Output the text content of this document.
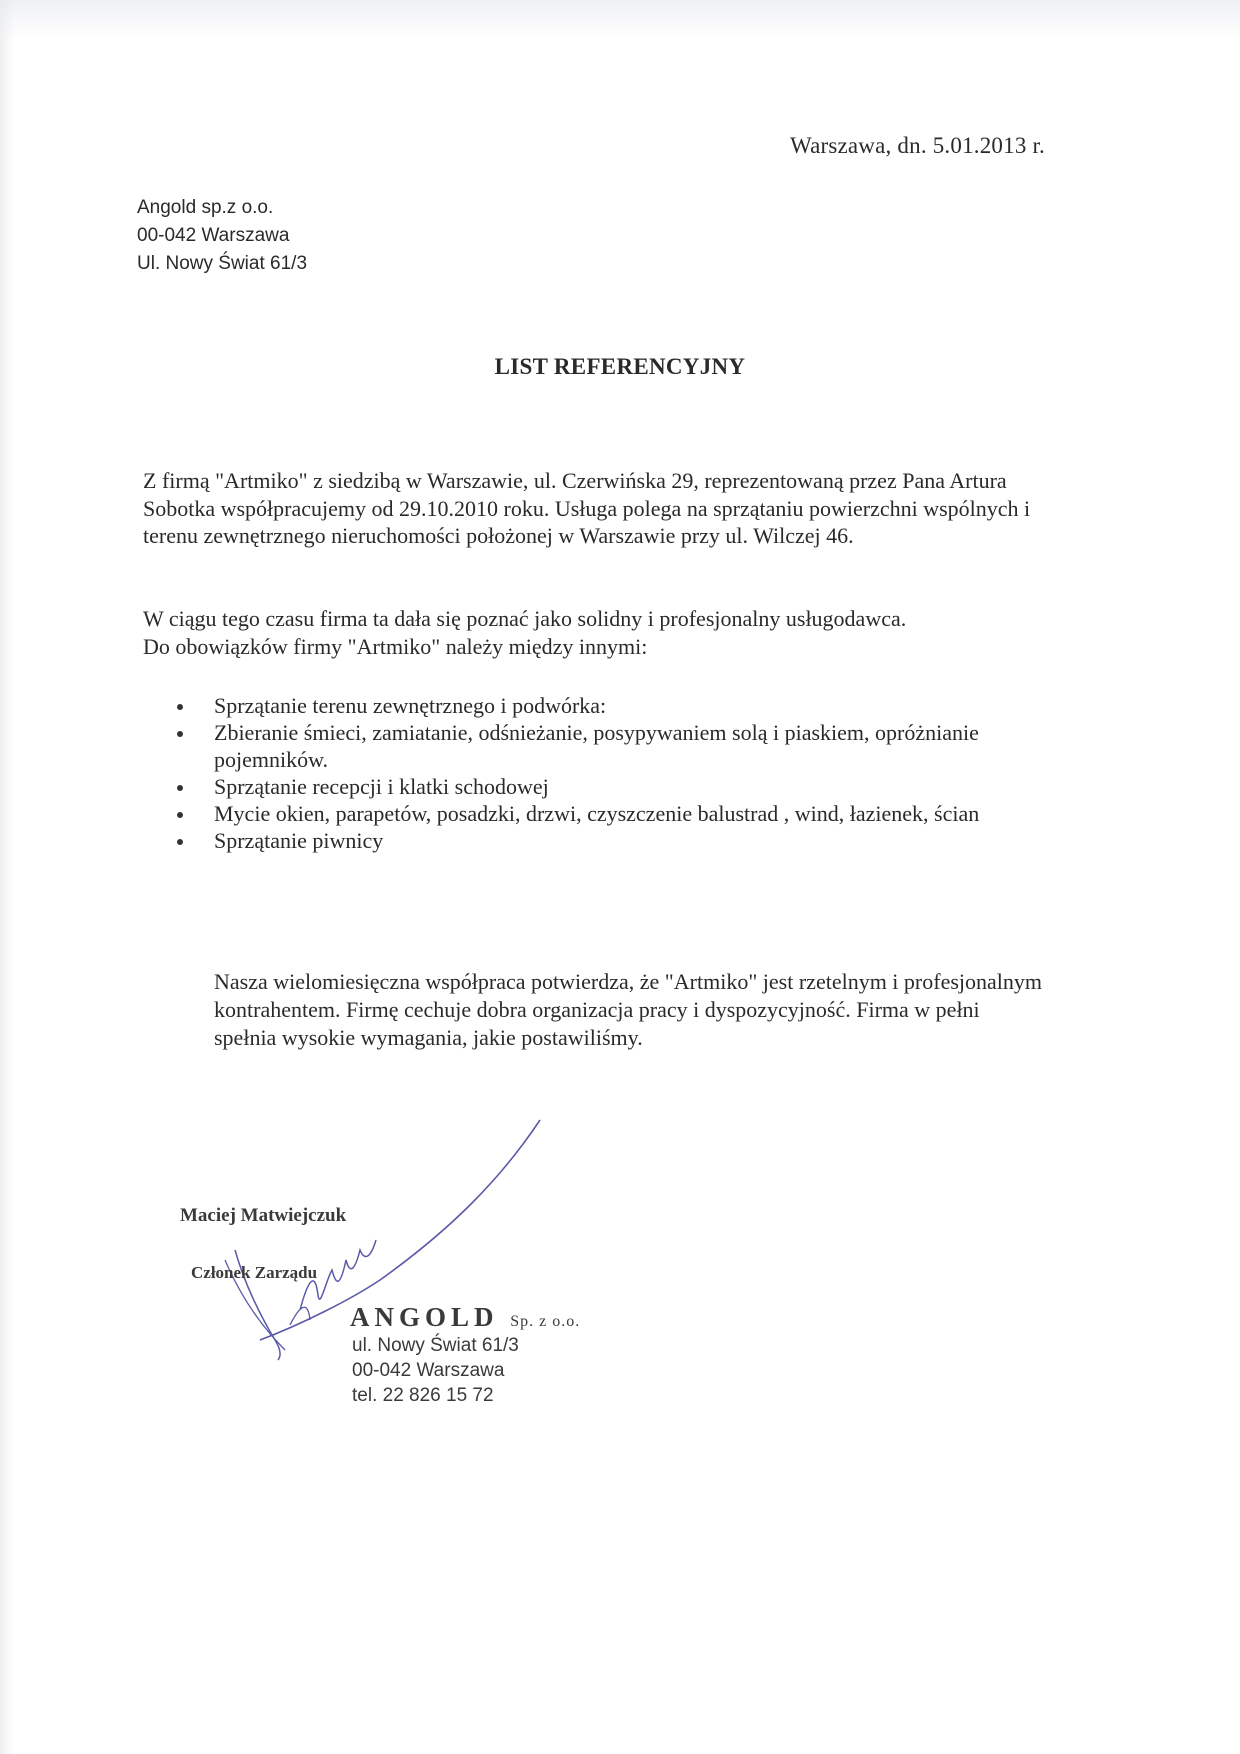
Warszawa, dn. 5.01.2013 r.
Angold sp.z o.o.
00-042 Warszawa
Ul. Nowy Świat 61/3
LIST REFERENCYJNY
Z firmą "Artmiko" z siedzibą w Warszawie, ul. Czerwińska 29, reprezentowaną przez Pana Artura Sobotka współpracujemy od 29.10.2010 roku. Usługa polega na sprzątaniu powierzchni wspólnych i terenu zewnętrznego nieruchomości położonej w Warszawie przy ul. Wilczej 46.
W ciągu tego czasu firma ta dała się poznać jako solidny i profesjonalny usługodawca.
Do obowiązków firmy "Artmiko" należy między innymi:
Sprzątanie terenu zewnętrznego i podwórka:
Zbieranie śmieci, zamiatanie, odśnieżanie, posypywaniem solą i piaskiem, opróżnianie pojemników.
Sprzątanie recepcji i klatki schodowej
Mycie okien, parapetów, posadzki, drzwi, czyszczenie balustrad , wind, łazienek, ścian
Sprzątanie piwnicy
Nasza wielomiesięczna współpraca potwierdza, że "Artmiko" jest rzetelnym i profesjonalnym kontrahentem. Firmę cechuje dobra organizacja pracy i dyspozycyjność. Firma w pełni spełnia wysokie wymagania, jakie postawiliśmy.
Maciej Matwiejczuk
Członek Zarządu
ANGOLD Sp. z o.o.
ul. Nowy Świat 61/3
00-042 Warszawa
tel. 22 826 15 72
